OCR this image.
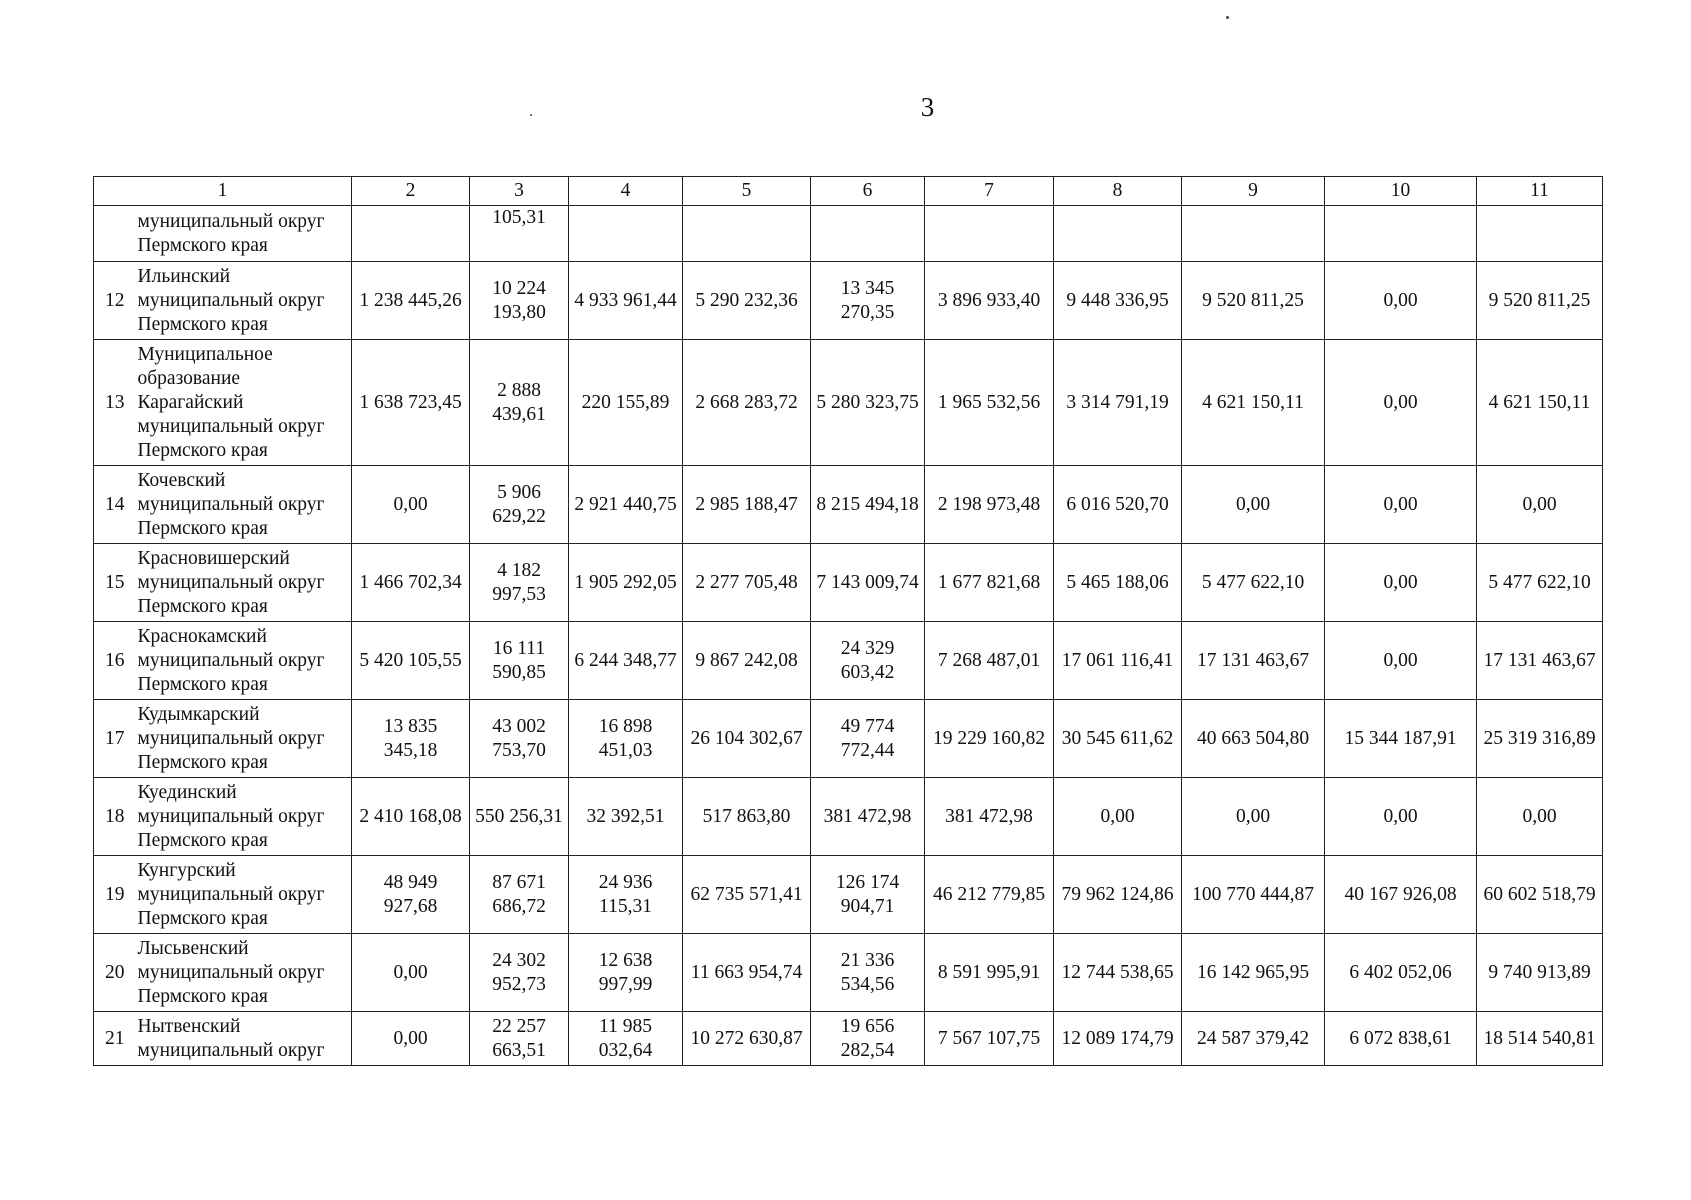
3
1		2	3	4	5	6	7	8	9	10	11
	муниципальный округ
Пермского края		105,31								
12	Ильинский
муниципальный округ
Пермского края	1 238 445,26	10 224
193,80	4 933 961,44	5 290 232,36	13 345
270,35	3 896 933,40	9 448 336,95	9 520 811,25	0,00	9 520 811,25
13	Муниципальное
образование
Карагайский
муниципальный округ
Пермского края	1 638 723,45	2 888
439,61	220 155,89	2 668 283,72	5 280 323,75	1 965 532,56	3 314 791,19	4 621 150,11	0,00	4 621 150,11
14	Кочевский
муниципальный округ
Пермского края	0,00	5 906
629,22	2 921 440,75	2 985 188,47	8 215 494,18	2 198 973,48	6 016 520,70	0,00	0,00	0,00
15	Красновишерский
муниципальный округ
Пермского края	1 466 702,34	4 182
997,53	1 905 292,05	2 277 705,48	7 143 009,74	1 677 821,68	5 465 188,06	5 477 622,10	0,00	5 477 622,10
16	Краснокамский
муниципальный округ
Пермского края	5 420 105,55	16 111
590,85	6 244 348,77	9 867 242,08	24 329
603,42	7 268 487,01	17 061 116,41	17 131 463,67	0,00	17 131 463,67
17	Кудымкарский
муниципальный округ
Пермского края	13 835
345,18	43 002
753,70	16 898
451,03	26 104 302,67	49 774
772,44	19 229 160,82	30 545 611,62	40 663 504,80	15 344 187,91	25 319 316,89
18	Куединский
муниципальный округ
Пермского края	2 410 168,08	550 256,31	32 392,51	517 863,80	381 472,98	381 472,98	0,00	0,00	0,00	0,00
19	Кунгурский
муниципальный округ
Пермского края	48 949
927,68	87 671
686,72	24 936
115,31	62 735 571,41	126 174
904,71	46 212 779,85	79 962 124,86	100 770 444,87	40 167 926,08	60 602 518,79
20	Лысьвенский
муниципальный округ
Пермского края	0,00	24 302
952,73	12 638
997,99	11 663 954,74	21 336
534,56	8 591 995,91	12 744 538,65	16 142 965,95	6 402 052,06	9 740 913,89
21	Нытвенский
муниципальный округ	0,00	22 257
663,51	11 985
032,64	10 272 630,87	19 656
282,54	7 567 107,75	12 089 174,79	24 587 379,42	6 072 838,61	18 514 540,81
